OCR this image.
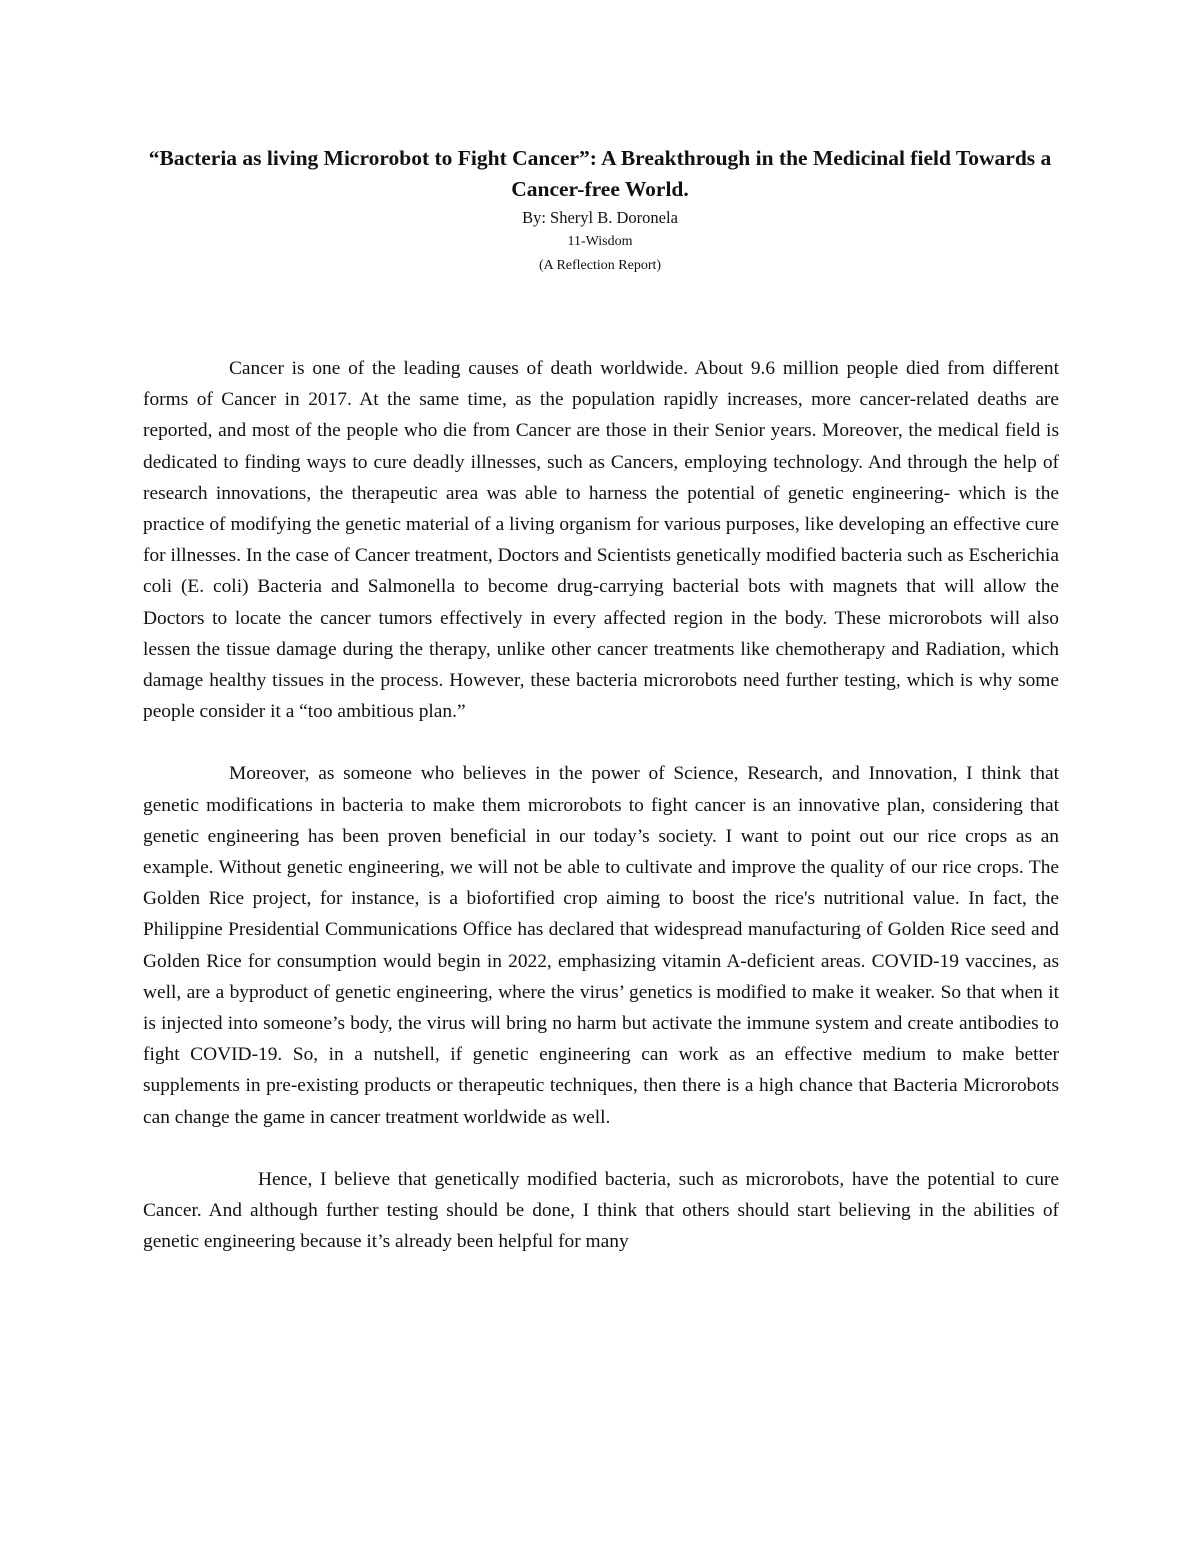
“Bacteria as living Microrobot to Fight Cancer”: A Breakthrough in the Medicinal field Towards a Cancer-free World.

By: Sheryl B. Doronela

11-Wisdom

(A Reflection Report)

Cancer is one of the leading causes of death worldwide. About 9.6 million people died from different forms of Cancer in 2017. At the same time, as the population rapidly increases, more cancer-related deaths are reported, and most of the people who die from Cancer are those in their Senior years. Moreover, the medical field is dedicated to finding ways to cure deadly illnesses, such as Cancers, employing technology. And through the help of research innovations, the therapeutic area was able to harness the potential of genetic engineering- which is the practice of modifying the genetic material of a living organism for various purposes, like developing an effective cure for illnesses. In the case of Cancer treatment, Doctors and Scientists genetically modified bacteria such as Escherichia coli (E. coli) Bacteria and Salmonella to become drug-carrying bacterial bots with magnets that will allow the Doctors to locate the cancer tumors effectively in every affected region in the body. These microrobots will also lessen the tissue damage during the therapy, unlike other cancer treatments like chemotherapy and Radiation, which damage healthy tissues in the process. However, these bacteria microrobots need further testing, which is why some people consider it a “too ambitious plan.”

Moreover, as someone who believes in the power of Science, Research, and Innovation, I think that genetic modifications in bacteria to make them microrobots to fight cancer is an innovative plan, considering that genetic engineering has been proven beneficial in our today’s society. I want to point out our rice crops as an example. Without genetic engineering, we will not be able to cultivate and improve the quality of our rice crops. The Golden Rice project, for instance, is a biofortified crop aiming to boost the rice's nutritional value. In fact, the Philippine Presidential Communications Office has declared that widespread manufacturing of Golden Rice seed and Golden Rice for consumption would begin in 2022, emphasizing vitamin A-deficient areas. COVID-19 vaccines, as well, are a byproduct of genetic engineering, where the virus’ genetics is modified to make it weaker. So that when it is injected into someone’s body, the virus will bring no harm but activate the immune system and create antibodies to fight COVID-19. So, in a nutshell, if genetic engineering can work as an effective medium to make better supplements in pre-existing products or therapeutic techniques, then there is a high chance that Bacteria Microrobots can change the game in cancer treatment worldwide as well.

Hence, I believe that genetically modified bacteria, such as microrobots, have the potential to cure Cancer. And although further testing should be done, I think that others should start believing in the abilities of genetic engineering because it’s already been helpful for many
